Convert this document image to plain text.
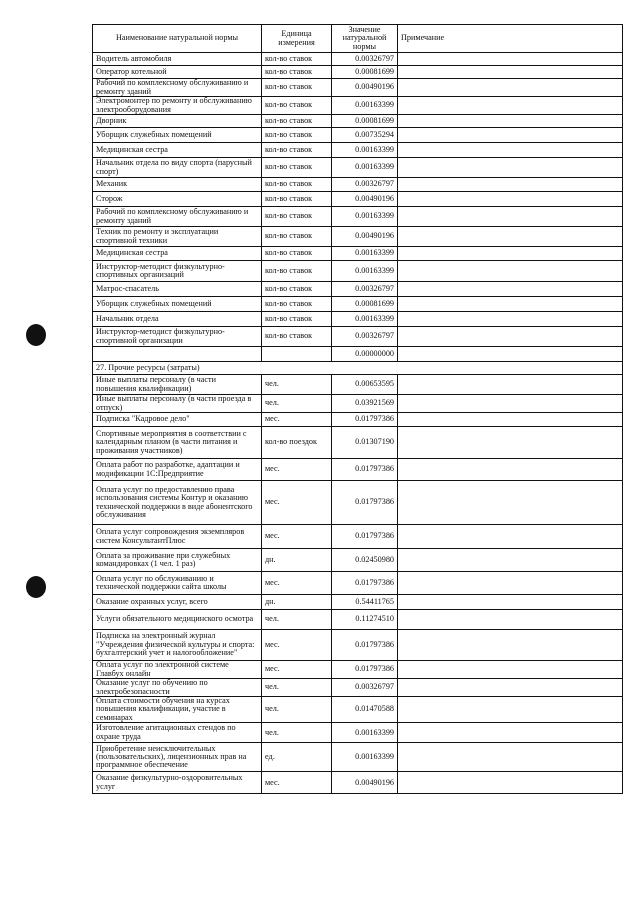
Наименование натуральной нормы	Единица измерения	Значение натуральной нормы	Примечание
Водитель автомобиля	кол-во ставок	0.00326797	
Оператор котельной	кол-во ставок	0.00081699	
Рабочий по комплексному обслуживанию и ремонту зданий	кол-во ставок	0.00490196	
Электромонтер по ремонту и обслуживанию электрооборудования	кол-во ставок	0.00163399	
Дворник	кол-во ставок	0.00081699	
Уборщик служебных помещений	кол-во ставок	0.00735294	
Медицинская сестра	кол-во ставок	0.00163399	
Начальник отдела по виду спорта (парусный спорт)	кол-во ставок	0.00163399	
Механик	кол-во ставок	0.00326797	
Сторож	кол-во ставок	0.00490196	
Рабочий по комплексному обслуживанию и ремонту зданий	кол-во ставок	0.00163399	
Техник по ремонту и эксплуатации спортивной техники	кол-во ставок	0.00490196	
Медицинская сестра	кол-во ставок	0.00163399	
Инструктор-методист физкультурно-спортивных организаций	кол-во ставок	0.00163399	
Матрос-спасатель	кол-во ставок	0.00326797	
Уборщик служебных помещений	кол-во ставок	0.00081699	
Начальник отдела	кол-во ставок	0.00163399	
Инструктор-методист физкультурно-спортивной организации	кол-во ставок	0.00326797	
		0.00000000	
27. Прочие ресурсы (затраты)			
Иные выплаты персоналу (в части повышения квалификации)	чел.	0.00653595	
Иные выплаты персоналу (в части проезда в отпуск)	чел.	0.03921569	
Подписка "Кадровое дело"	мес.	0.01797386	
Спортивные мероприятия в соответствии с календарным планом (в части питания и проживания участников)	кол-во поездок	0.01307190	
Оплата работ по разработке, адаптации и модификации 1С:Предприятие	мес.	0.01797386	
Оплата услуг по предоставлению права использования системы Контур и оказанию технической поддержки в виде абонентского обслуживания	мес.	0.01797386	
Оплата услуг сопровождения экземпляров систем КонсультантПлюс	мес.	0.01797386	
Оплата за проживание при служебных командировках (1 чел. 1 раз)	дн.	0.02450980	
Оплата услуг по обслуживанию и технической поддержки сайта школы	мес.	0.01797386	
Оказание охранных услуг, всего	дн.	0.54411765	
Услуги обязательного медицинского осмотра	чел.	0.11274510	
Подписка на электронный журнал "Учреждения физической культуры и спорта: бухгалтерский учет и налогообложение"	мес.	0.01797386	
Оплата услуг по электронной системе Главбух онлайн	мес.	0.01797386	
Оказание услуг по обучению по электробезопасности	чел.	0.00326797	
Оплата стоимости обучения на курсах повышения квалификации, участие в семинарах	чел.	0.01470588	
Изготовление агитационных стендов по охране труда	чел.	0.00163399	
Приобретение неисключительных (пользовательских), лицензионных прав на программное обеспечение	ед.	0.00163399	
Оказание физкультурно-оздоровительных услуг	мес.	0.00490196	
